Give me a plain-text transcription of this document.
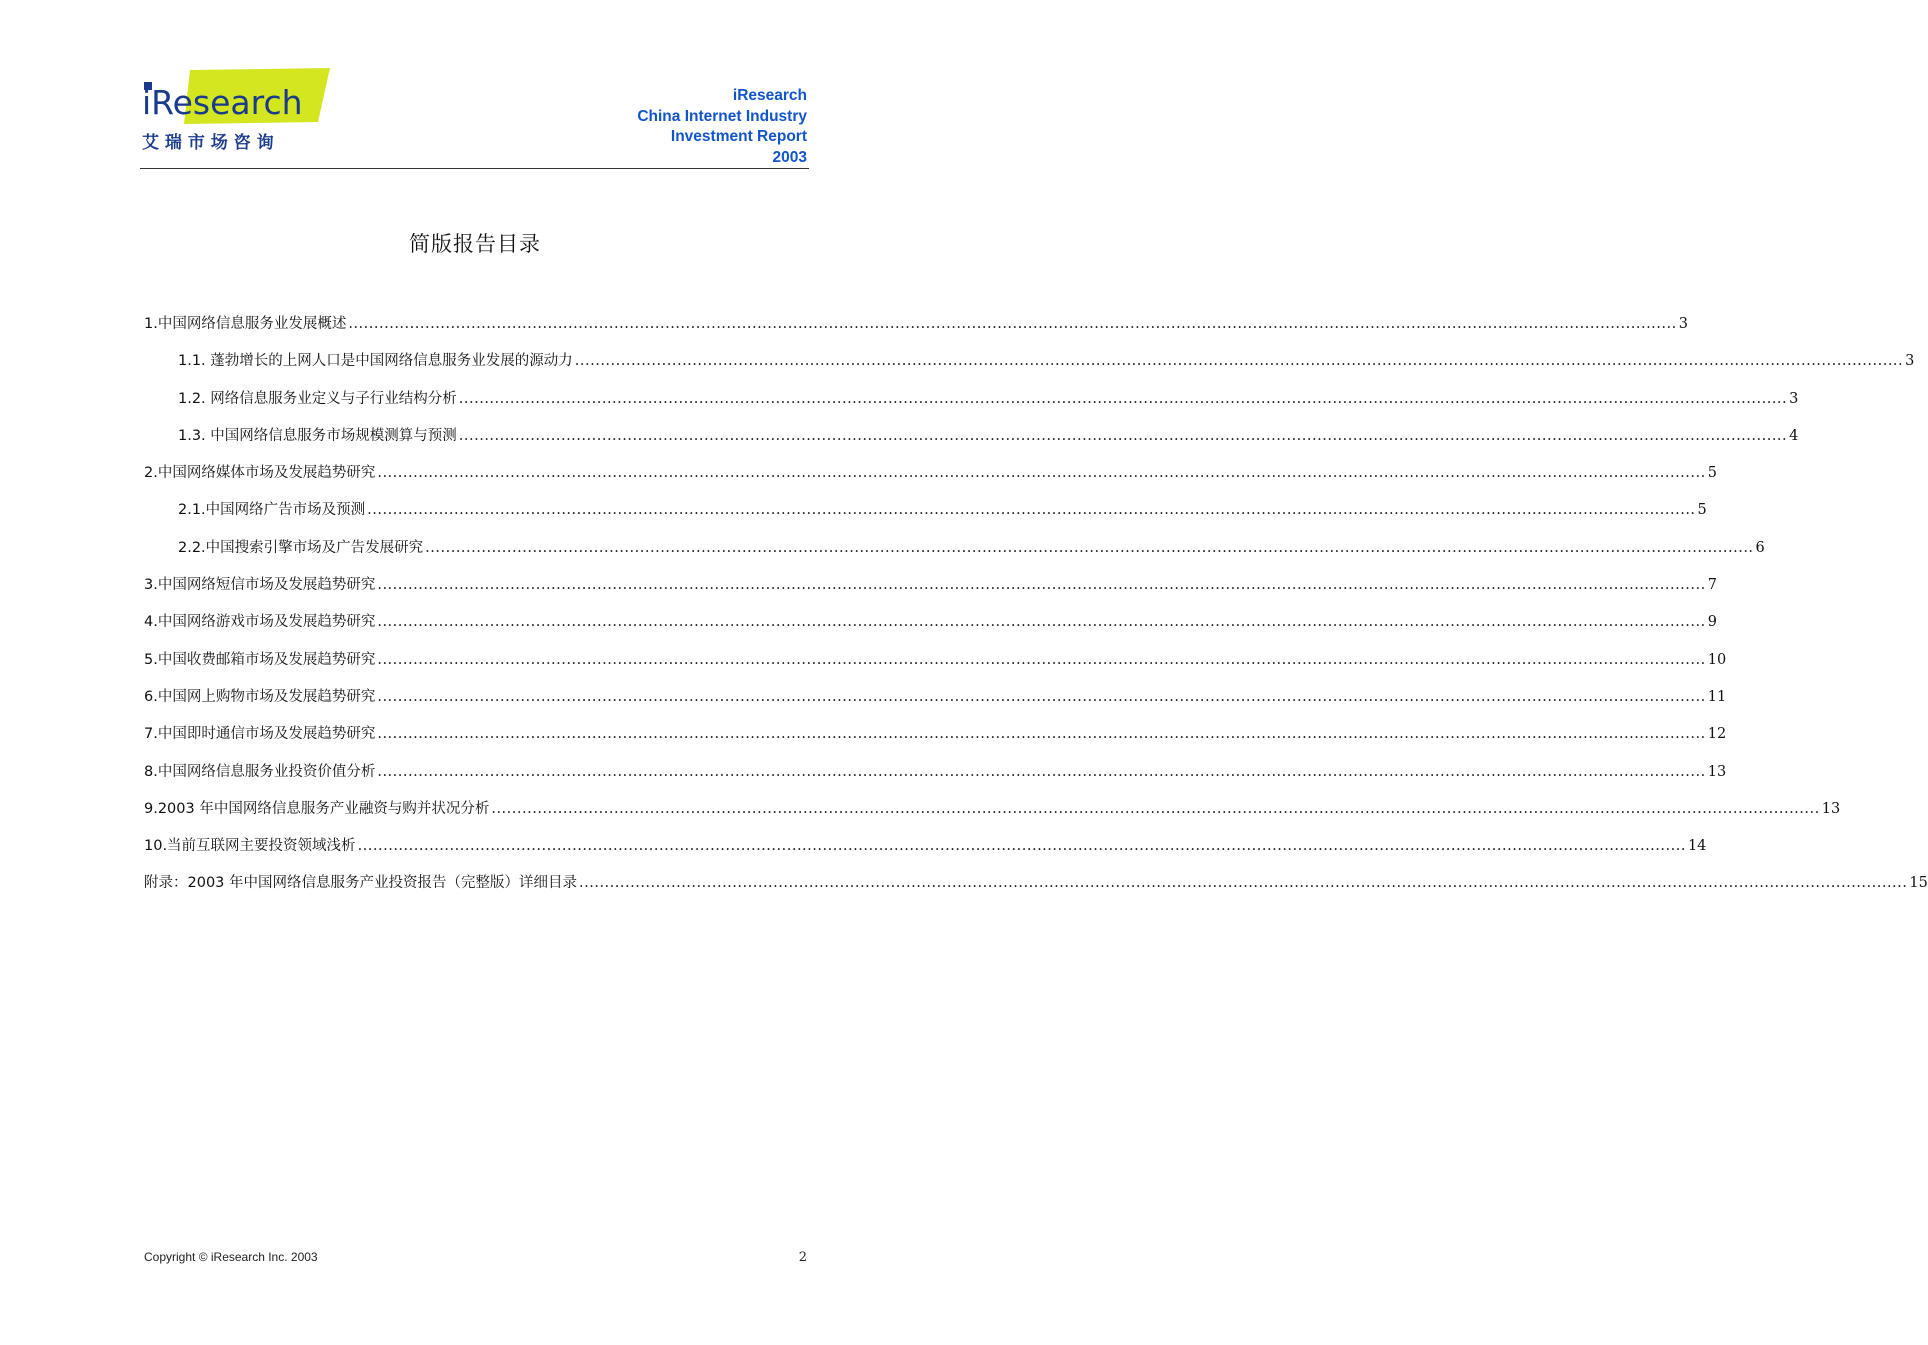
iResearch
艾 瑞 市 场 咨 询
iResearch
China Internet Industry
Investment Report
2003
简版报告目录
1.中国网络信息服务业发展概述 .................................................................................................................................................................................................................................................................... 3
1.1. 蓬勃增长的上网人口是中国网络信息服务业发展的源动力 .................................................................................................................................................................................................................................................................... 3
1.2. 网络信息服务业定义与子行业结构分析 .................................................................................................................................................................................................................................................................... 3
1.3. 中国网络信息服务市场规模测算与预测 .................................................................................................................................................................................................................................................................... 4
2.中国网络媒体市场及发展趋势研究 .................................................................................................................................................................................................................................................................... 5
2.1.中国网络广告市场及预测 .................................................................................................................................................................................................................................................................... 5
2.2.中国搜索引擎市场及广告发展研究 .................................................................................................................................................................................................................................................................... 6
3.中国网络短信市场及发展趋势研究 .................................................................................................................................................................................................................................................................... 7
4.中国网络游戏市场及发展趋势研究 .................................................................................................................................................................................................................................................................... 9
5.中国收费邮箱市场及发展趋势研究 .................................................................................................................................................................................................................................................................... 10
6.中国网上购物市场及发展趋势研究 .................................................................................................................................................................................................................................................................... 11
7.中国即时通信市场及发展趋势研究 .................................................................................................................................................................................................................................................................... 12
8.中国网络信息服务业投资价值分析 .................................................................................................................................................................................................................................................................... 13
9.2003 年中国网络信息服务产业融资与购并状况分析 .................................................................................................................................................................................................................................................................... 13
10.当前互联网主要投资领域浅析 .................................................................................................................................................................................................................................................................... 14
附录：2003 年中国网络信息服务产业投资报告（完整版）详细目录 .................................................................................................................................................................................................................................................................... 15
Copyright © iResearch Inc. 2003	2
